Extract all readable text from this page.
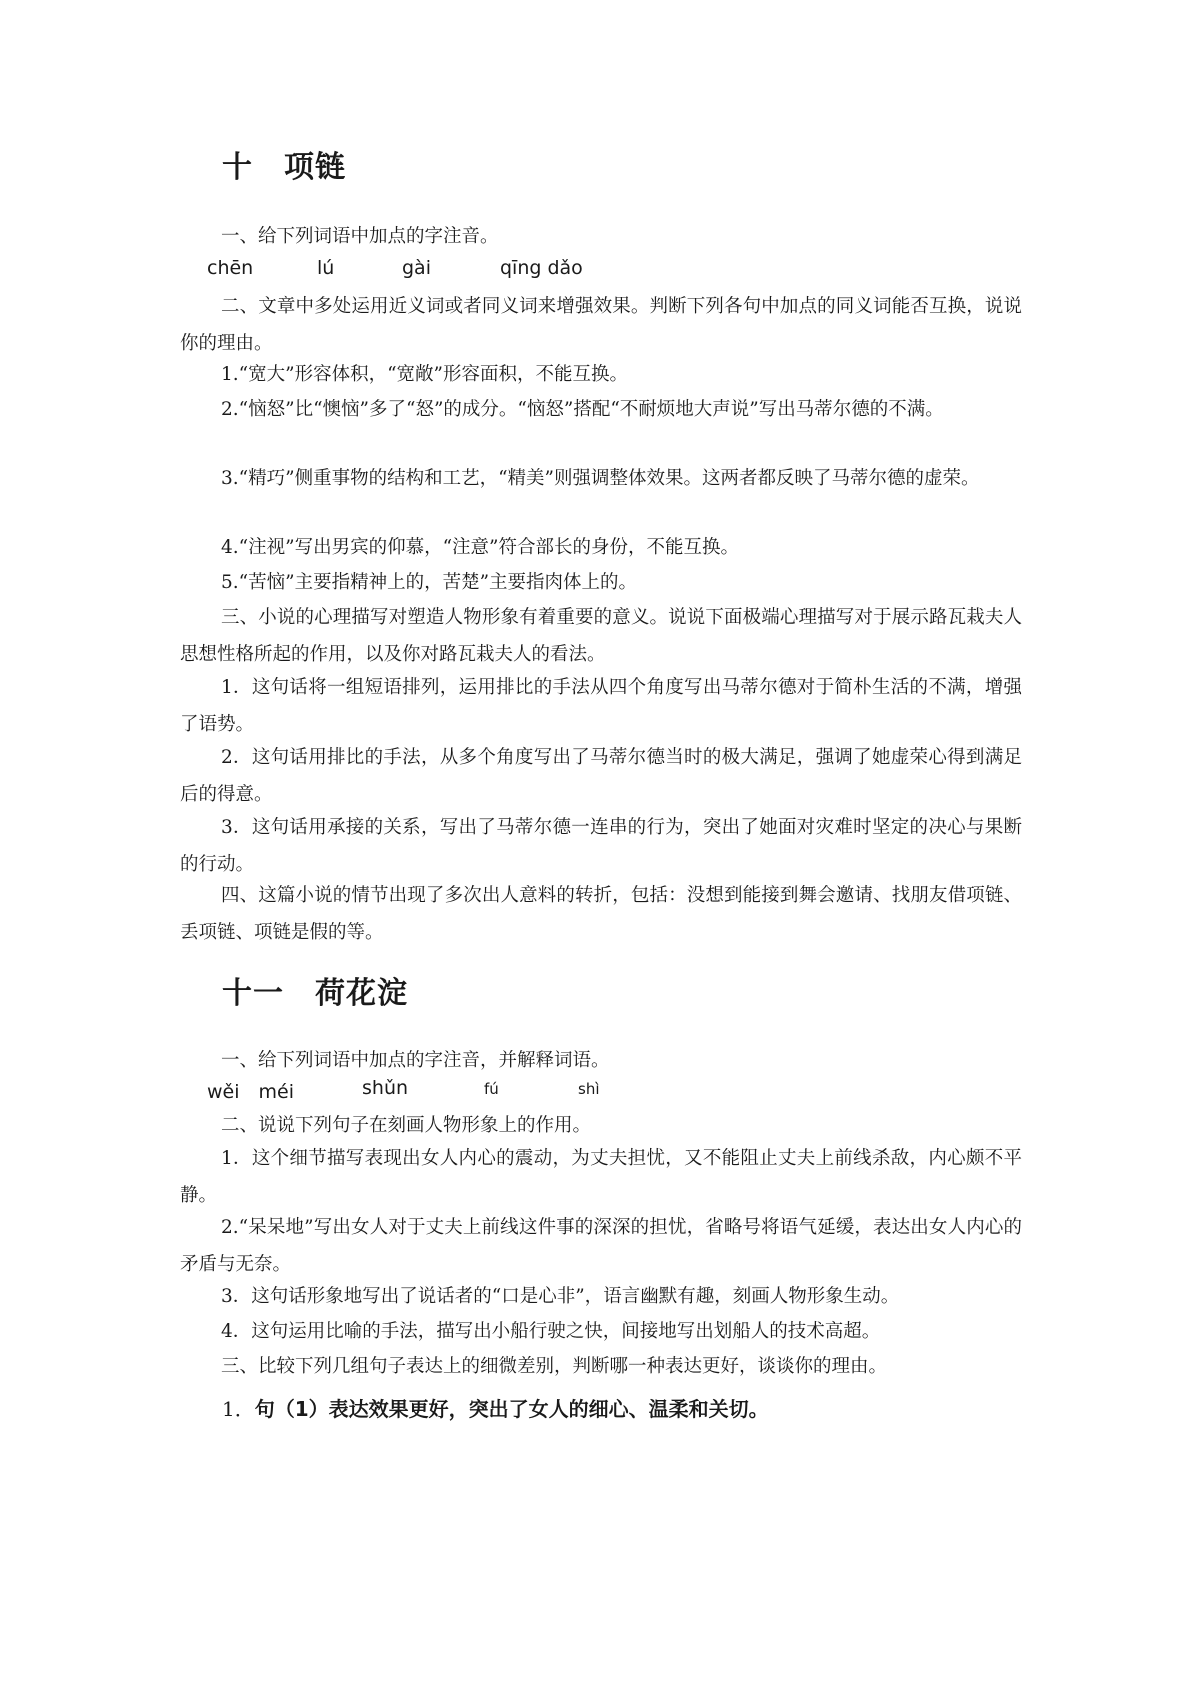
十　项链

一、给下列词语中加点的字注音。

chēn	lú	gài	qīng dǎo

二、文章中多处运用近义词或者同义词来增强效果。判断下列各句中加点的同义词能否互换，说说你的理由。

1.“宽大”形容体积，“宽敞”形容面积，不能互换。

2.“恼怒”比“懊恼”多了“怒”的成分。“恼怒”搭配“不耐烦地大声说”写出马蒂尔德的不满。

3.“精巧”侧重事物的结构和工艺，“精美”则强调整体效果。这两者都反映了马蒂尔德的虚荣。

4.“注视”写出男宾的仰慕，“注意”符合部长的身份，不能互换。

5.“苦恼”主要指精神上的，苦楚”主要指肉体上的。

三、小说的心理描写对塑造人物形象有着重要的意义。说说下面极端心理描写对于展示路瓦栽夫人思想性格所起的作用，以及你对路瓦栽夫人的看法。

1．这句话将一组短语排列，运用排比的手法从四个角度写出马蒂尔德对于简朴生活的不满，增强了语势。

2．这句话用排比的手法，从多个角度写出了马蒂尔德当时的极大满足，强调了她虚荣心得到满足后的得意。

3．这句话用承接的关系，写出了马蒂尔德一连串的行为，突出了她面对灾难时坚定的决心与果断的行动。

四、这篇小说的情节出现了多次出人意料的转折，包括：没想到能接到舞会邀请、找朋友借项链、丢项链、项链是假的等。

十一　荷花淀

一、给下列词语中加点的字注音，并解释词语。

wěi　méi	shǔn	fú	shì

二、说说下列句子在刻画人物形象上的作用。

1．这个细节描写表现出女人内心的震动，为丈夫担忧，又不能阻止丈夫上前线杀敌，内心颇不平静。

2.“呆呆地”写出女人对于丈夫上前线这件事的深深的担忧，省略号将语气延缓，表达出女人内心的矛盾与无奈。

3．这句话形象地写出了说话者的“口是心非”，语言幽默有趣，刻画人物形象生动。

4．这句运用比喻的手法，描写出小船行驶之快，间接地写出划船人的技术高超。

三、比较下列几组句子表达上的细微差别，判断哪一种表达更好，谈谈你的理由。

1．句（1）表达效果更好，突出了女人的细心、温柔和关切。
